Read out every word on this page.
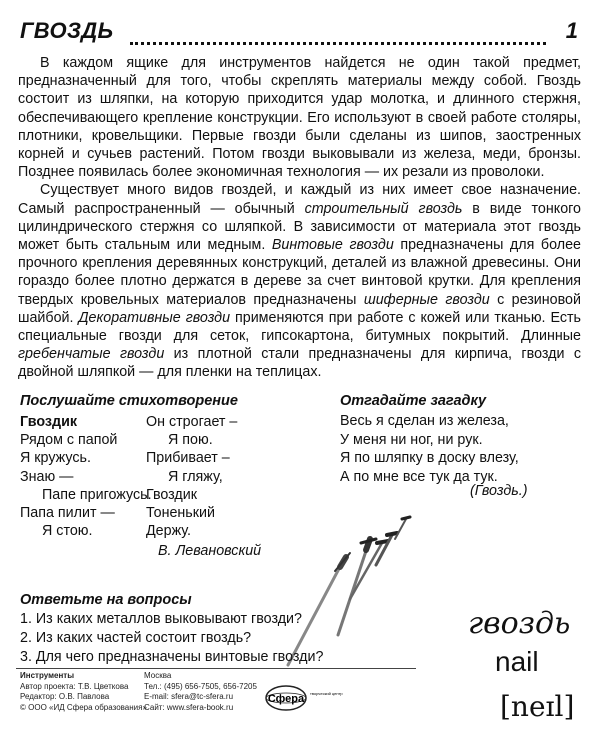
ГВОЗДЬ	1

В каждом ящике для инструментов найдется не один такой предмет, предназначенный для того, чтобы скреплять материалы между собой. Гвоздь состоит из шляпки, на которую приходится удар молотка, и длинного стержня, обеспечивающего крепление конструкции. Его используют в своей работе столяры, плотники, кровельщики. Первые гвозди были сделаны из шипов, заостренных корней и сучьев растений. Потом гвозди выковывали из железа, меди, бронзы. Позднее появилась более экономичная технология — их резали из проволоки.

Существует много видов гвоздей, и каждый из них имеет свое назначение. Самый распространенный — обычный строительный гвоздь в виде тонкого цилиндрического стержня со шляпкой. В зависимости от материала этот гвоздь может быть стальным или медным. Винтовые гвозди предназначены для более прочного крепления деревянных конструкций, деталей из влажной древесины. Они гораздо более плотно держатся в дереве за счет винтовой крутки. Для крепления твердых кровельных материалов предназначены шиферные гвозди с резиновой шайбой. Декоративные гвозди применяются при работе с кожей или тканью. Есть специальные гвозди для сеток, гипсокартона, битумных покрытий. Длинные гребенчатые гвозди из плотной стали предназначены для кирпича, гвозди с двойной шляпкой — для пленки на теплицах.

Послушайте стихотворение
Гвоздик
Рядом с папой
Я кружусь.
Знаю —
Папе пригожусь.
Папа пилит —
Я стою.
Он строгает –
Я пою.
Прибивает –
Я гляжу,
Гвоздик
Тоненький
Держу.
В. Левановский
Отгадайте загадку
Весь я сделан из железа,
У меня ни ног, ни рук.
Я по шляпку в доску влезу,
А по мне все тук да тук.
(Гвоздь.)
Ответьте на вопросы
1. Из каких металлов выковывают гвозди?
2. Из каких частей состоит гвоздь?
3. Для чего предназначены винтовые гвозди?
гвоздь
nail
[neɪl]
Инструменты
Автор проекта: Т.В. Цветкова
Редактор: О.В. Павлова
© ООО «ИД Сфера образования»
Москва
Тел.: (495) 656-7505, 656-7205
E-mail: sfera@tc-sfera.ru
Сайт: www.sfera-book.ru
Сфера творческий центр
